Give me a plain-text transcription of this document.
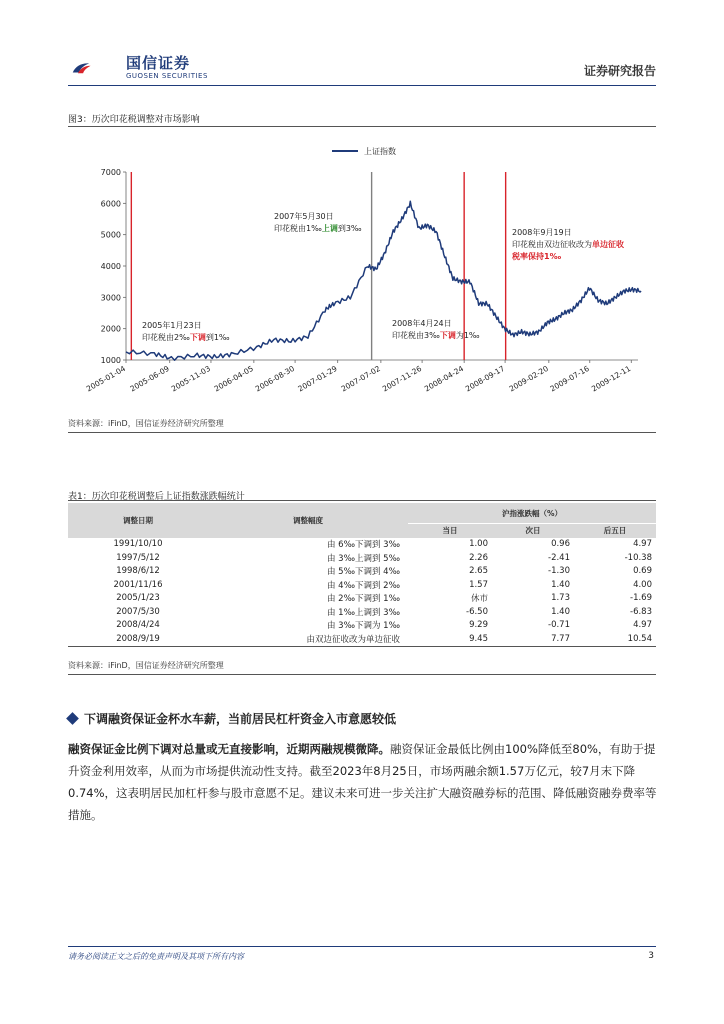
国信证券
GUOSEN SECURITIES	证券研究报告
图3：历次印花税调整对市场影响
上证指数
1000
2000
3000
4000
5000
6000
7000
2005-01-04 2005-06-09
2005-11-03 2006-04-05
2006-08-30 2007-01-29 2007-07-02
2007-11-26 2008-04-24
2008-09-17 2009-02-20
2009-07-16 2009-12-11
2005年1月23日
印花税由2‰下调到1‰
2007年5月30日
印花税由1‰上调到3‰
2008年4月24日
印花税由3‰下调为1‰
2008年9月19日
印花税由双边征收改为单边征收
税率保持1‰
资料来源：iFinD，国信证券经济研究所整理
表1：历次印花税调整后上证指数涨跌幅统计
调整日期	调整幅度	沪指涨跌幅（%）		
		当日	次日	后五日
1991/10/10	由 6‰下调到 3‰	1.00	0.96	4.97
1997/5/12	由 3‰上调到 5‰	2.26	-2.41	-10.38
1998/6/12	由 5‰下调到 4‰	2.65	-1.30	0.69
2001/11/16	由 4‰下调到 2‰	1.57	1.40	4.00
2005/1/23	由 2‰下调到 1‰	休市	1.73	-1.69
2007/5/30	由 1‰上调到 3‰	-6.50	1.40	-6.83
2008/4/24	由 3‰下调为 1‰	9.29	-0.71	4.97
2008/9/19	由双边征收改为单边征收	9.45	7.77	10.54
资料来源：iFinD，国信证券经济研究所整理
下调融资保证金杯水车薪，当前居民杠杆资金入市意愿较低
融资保证金比例下调对总量或无直接影响，近期两融规模微降。融资保证金最低比例由100%降低至80%，有助于提升资金利用效率，从而为市场提供流动性支持。截至2023年8月25日，市场两融余额1.57万亿元，较7月末下降0.74%，这表明居民加杠杆参与股市意愿不足。建议未来可进一步关注扩大融资融券标的范围、降低融资融券费率等措施。
请务必阅读正文之后的免责声明及其项下所有内容	3
